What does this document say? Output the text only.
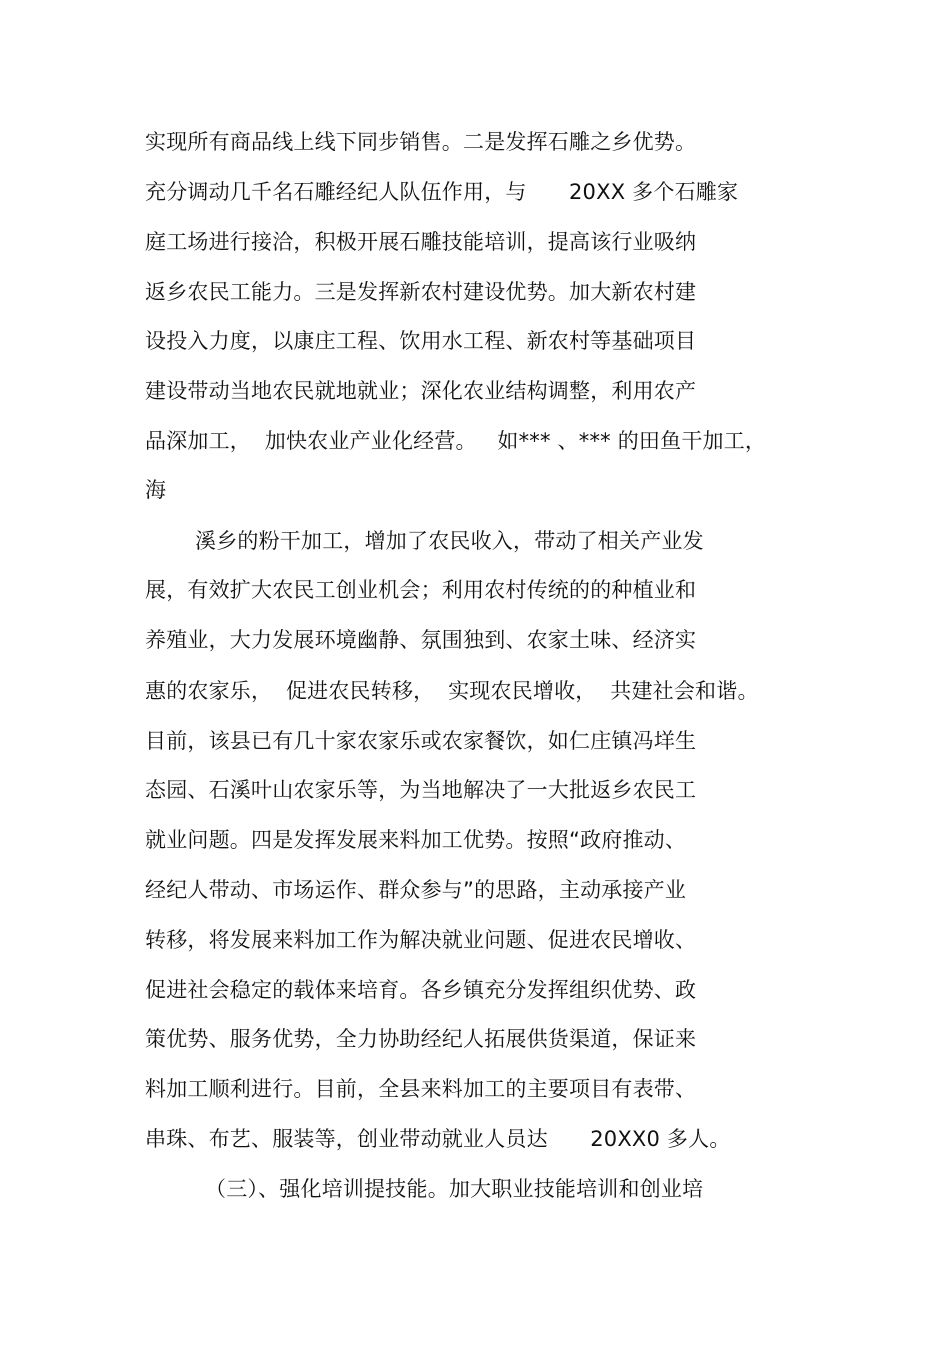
实现所有商品线上线下同步销售。二是发挥石雕之乡优势。
充分调动几千名石雕经纪人队伍作用，与　　20XX 多个石雕家
庭工场进行接洽，积极开展石雕技能培训，提高该行业吸纳
返乡农民工能力。三是发挥新农村建设优势。加大新农村建
设投入力度，以康庄工程、饮用水工程、新农村等基础项目
建设带动当地农民就地就业；深化农业结构调整，利用农产
品深加工，  加快农业产业化经营。   如*** 、*** 的田鱼干加工，
海
溪乡的粉干加工，增加了农民收入，带动了相关产业发
展，有效扩大农民工创业机会；利用农村传统的的种植业和
养殖业，大力发展环境幽静、氛围独到、农家土味、经济实
惠的农家乐，  促进农民转移，  实现农民增收，  共建社会和谐。
目前，该县已有几十家农家乐或农家餐饮，如仁庄镇冯垟生
态园、石溪叶山农家乐等，为当地解决了一大批返乡农民工
就业问题。四是发挥发展来料加工优势。按照“政府推动、
经纪人带动、市场运作、群众参与”的思路，主动承接产业
转移，将发展来料加工作为解决就业问题、促进农民增收、
促进社会稳定的载体来培育。各乡镇充分发挥组织优势、政
策优势、服务优势，全力协助经纪人拓展供货渠道，保证来
料加工顺利进行。目前，全县来料加工的主要项目有表带、
串珠、布艺、服装等，创业带动就业人员达　　20XX0 多人。
（三）、强化培训提技能。加大职业技能培训和创业培
